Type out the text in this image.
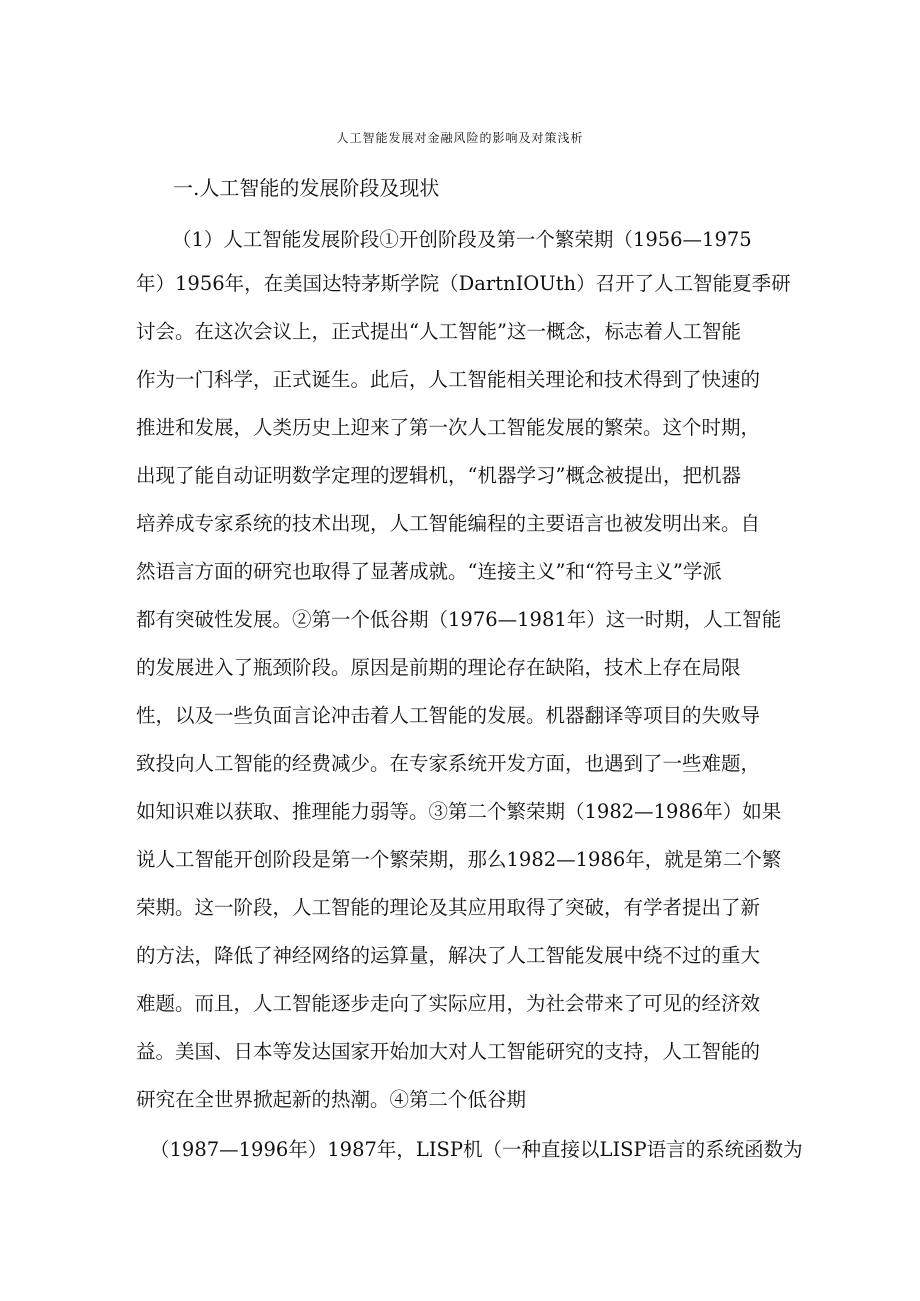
人工智能发展对金融风险的影响及对策浅析
一.人工智能的发展阶段及现状

（1）人工智能发展阶段①开创阶段及第一个繁荣期（1956—1975

年）1956年，在美国达特茅斯学院（DartnIOUth）召开了人工智能夏季研

讨会。在这次会议上，正式提出“人工智能”这一概念，标志着人工智能

作为一门科学，正式诞生。此后，人工智能相关理论和技术得到了快速的

推进和发展，人类历史上迎来了第一次人工智能发展的繁荣。这个时期，

出现了能自动证明数学定理的逻辑机，“机器学习”概念被提出，把机器

培养成专家系统的技术出现，人工智能编程的主要语言也被发明出来。自

然语言方面的研究也取得了显著成就。“连接主义”和“符号主义”学派

都有突破性发展。②第一个低谷期（1976—1981年）这一时期，人工智能

的发展进入了瓶颈阶段。原因是前期的理论存在缺陷，技术上存在局限

性，以及一些负面言论冲击着人工智能的发展。机器翻译等项目的失败导

致投向人工智能的经费减少。在专家系统开发方面，也遇到了一些难题，

如知识难以获取、推理能力弱等。③第二个繁荣期（1982—1986年）如果

说人工智能开创阶段是第一个繁荣期，那么1982—1986年，就是第二个繁

荣期。这一阶段，人工智能的理论及其应用取得了突破，有学者提出了新

的方法，降低了神经网络的运算量，解决了人工智能发展中绕不过的重大

难题。而且，人工智能逐步走向了实际应用，为社会带来了可见的经济效

益。美国、日本等发达国家开始加大对人工智能研究的支持，人工智能的

研究在全世界掀起新的热潮。④第二个低谷期

（1987—1996年）1987年，LISP机（一种直接以LISP语言的系统函数为
